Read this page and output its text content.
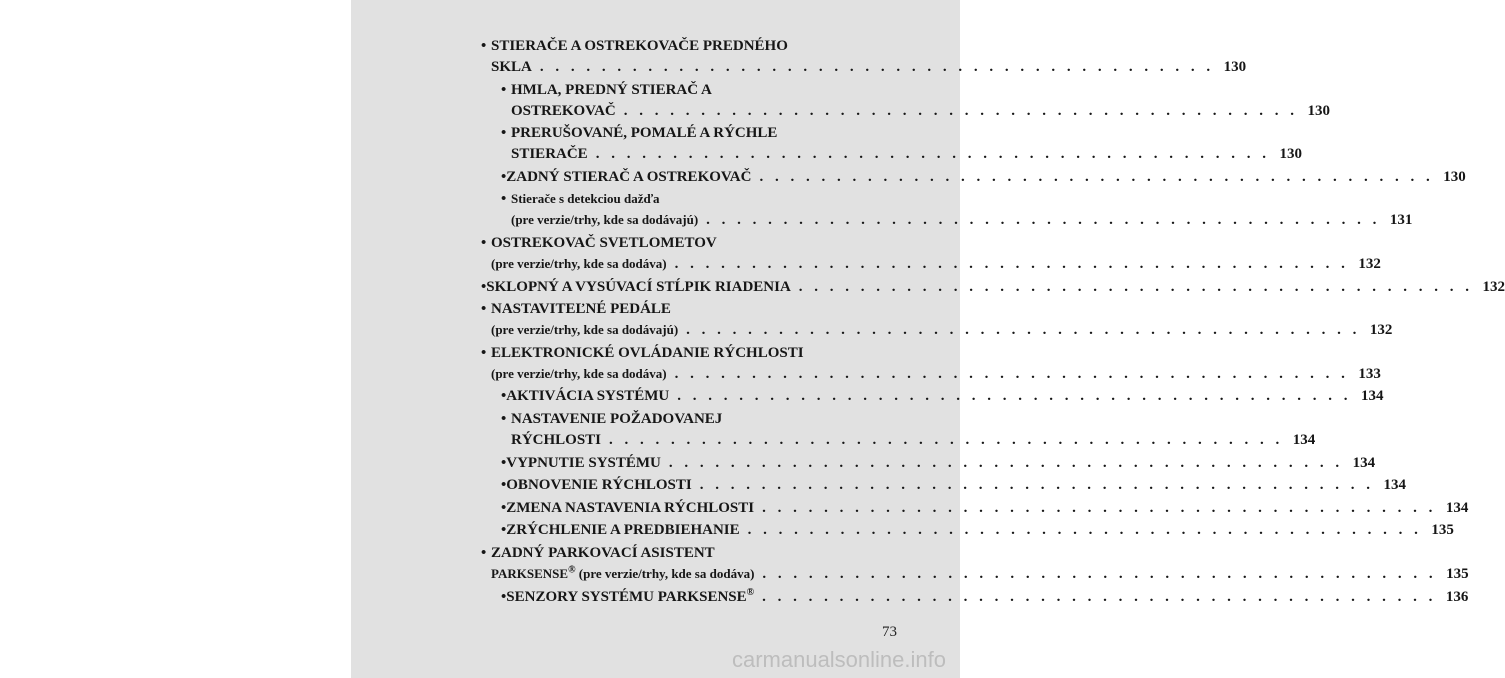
• STIERAČE A OSTREKOVAČE PREDNÉHO
SKLA . . . . . . . . . . . . . . . . . . . . . . . . . . . . . . . . . . . . . . . . . . . . 130
• HMLA, PREDNÝ STIERAČ A
OSTREKOVAČ . . . . . . . . . . . . . . . . . . . . . . . . . . . . . . . . . . . . . . . . . . . . 130
• PRERUŠOVANÉ, POMALÉ A RÝCHLE
STIERAČE . . . . . . . . . . . . . . . . . . . . . . . . . . . . . . . . . . . . . . . . . . . . 130
• ZADNÝ STIERAČ A OSTREKOVAČ . . . . . . . . . . . . . . . . . . . . . . . . . . . . . . . . . . . . . . . . . . . . 130
• Stierače s detekciou dažďa
(pre verzie/trhy, kde sa dodávajú) . . . . . . . . . . . . . . . . . . . . . . . . . . . . . . . . . . . . . . . . . . . . 131
• OSTREKOVAČ SVETLOMETOV
(pre verzie/trhy, kde sa dodáva) . . . . . . . . . . . . . . . . . . . . . . . . . . . . . . . . . . . . . . . . . . . . 132
• SKLOPNÝ A VYSÚVACÍ STĹPIK RIADENIA . . . . . . . . . . . . . . . . . . . . . . . . . . . . . . . . . . . . . . . . . . . . 132
• NASTAVITEĽNÉ PEDÁLE
(pre verzie/trhy, kde sa dodávajú) . . . . . . . . . . . . . . . . . . . . . . . . . . . . . . . . . . . . . . . . . . . . 132
• ELEKTRONICKÉ OVLÁDANIE RÝCHLOSTI
(pre verzie/trhy, kde sa dodáva) . . . . . . . . . . . . . . . . . . . . . . . . . . . . . . . . . . . . . . . . . . . . 133
• AKTIVÁCIA SYSTÉMU . . . . . . . . . . . . . . . . . . . . . . . . . . . . . . . . . . . . . . . . . . . . 134
• NASTAVENIE POŽADOVANEJ
RÝCHLOSTI . . . . . . . . . . . . . . . . . . . . . . . . . . . . . . . . . . . . . . . . . . . . 134
• VYPNUTIE SYSTÉMU . . . . . . . . . . . . . . . . . . . . . . . . . . . . . . . . . . . . . . . . . . . . 134
• OBNOVENIE RÝCHLOSTI . . . . . . . . . . . . . . . . . . . . . . . . . . . . . . . . . . . . . . . . . . . . 134
• ZMENA NASTAVENIA RÝCHLOSTI . . . . . . . . . . . . . . . . . . . . . . . . . . . . . . . . . . . . . . . . . . . . 134
• ZRÝCHLENIE A PREDBIEHANIE . . . . . . . . . . . . . . . . . . . . . . . . . . . . . . . . . . . . . . . . . . . . 135
• ZADNÝ PARKOVACÍ ASISTENT
PARKSENSE® (pre verzie/trhy, kde sa dodáva) . . . . . . . . . . . . . . . . . . . . . . . . . . . . . . . . . . . . . . . . . . . . 135
• SENZORY SYSTÉMU PARKSENSE® . . . . . . . . . . . . . . . . . . . . . . . . . . . . . . . . . . . . . . . . . . . . 136
73
carmanualsonline.info
